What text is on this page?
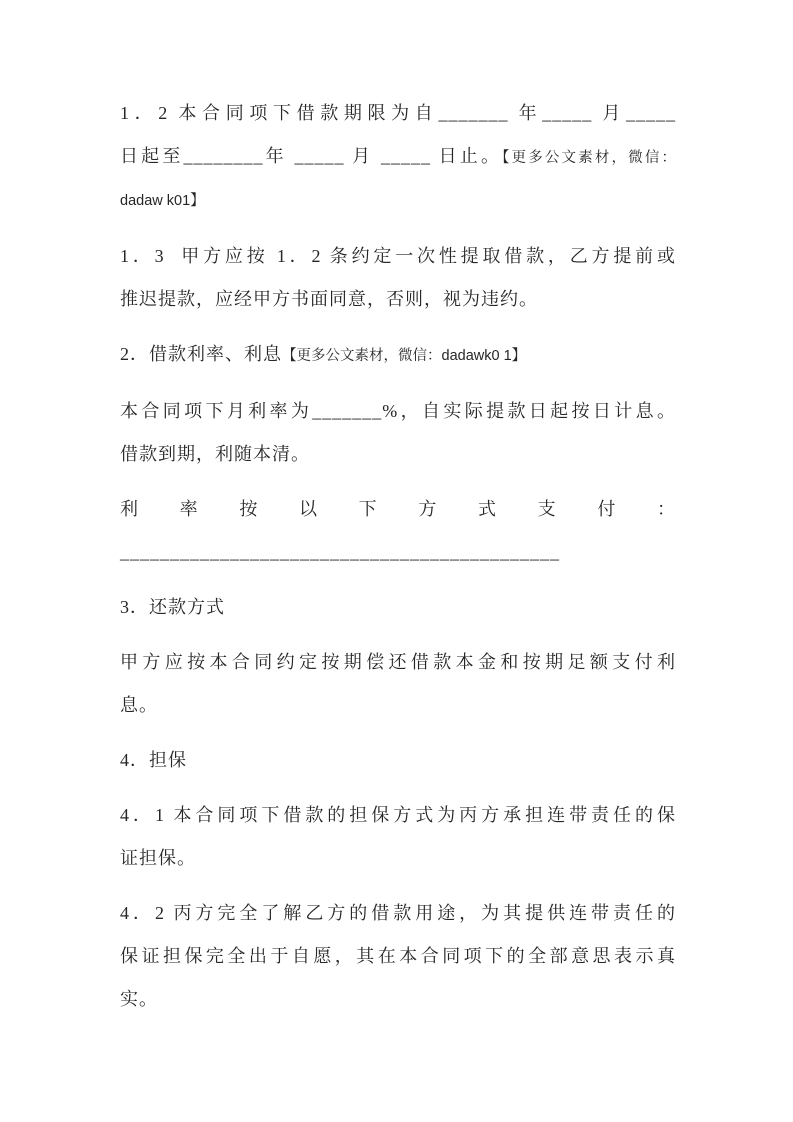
1．2 本合同项下借款期限为自_______ 年_____ 月_____
日起至________年 _____ 月 _____ 日止。【更多公文素材，微信：
dadaw k01】
1．3  甲方应按 1．2 条约定一次性提取借款，乙方提前或
推迟提款，应经甲方书面同意，否则，视为违约。
2．借款利率、利息【更多公文素材，微信：dadawk0 1】
本合同项下月利率为_______%，自实际提款日起按日计息。
借款到期，利随本清。
利率按以下方式支付：
____________________________________________
3．还款方式
甲方应按本合同约定按期偿还借款本金和按期足额支付利
息。
4．担保
4．1 本合同项下借款的担保方式为丙方承担连带责任的保
证担保。
4．2 丙方完全了解乙方的借款用途，为其提供连带责任的
保证担保完全出于自愿，其在本合同项下的全部意思表示真
实。
